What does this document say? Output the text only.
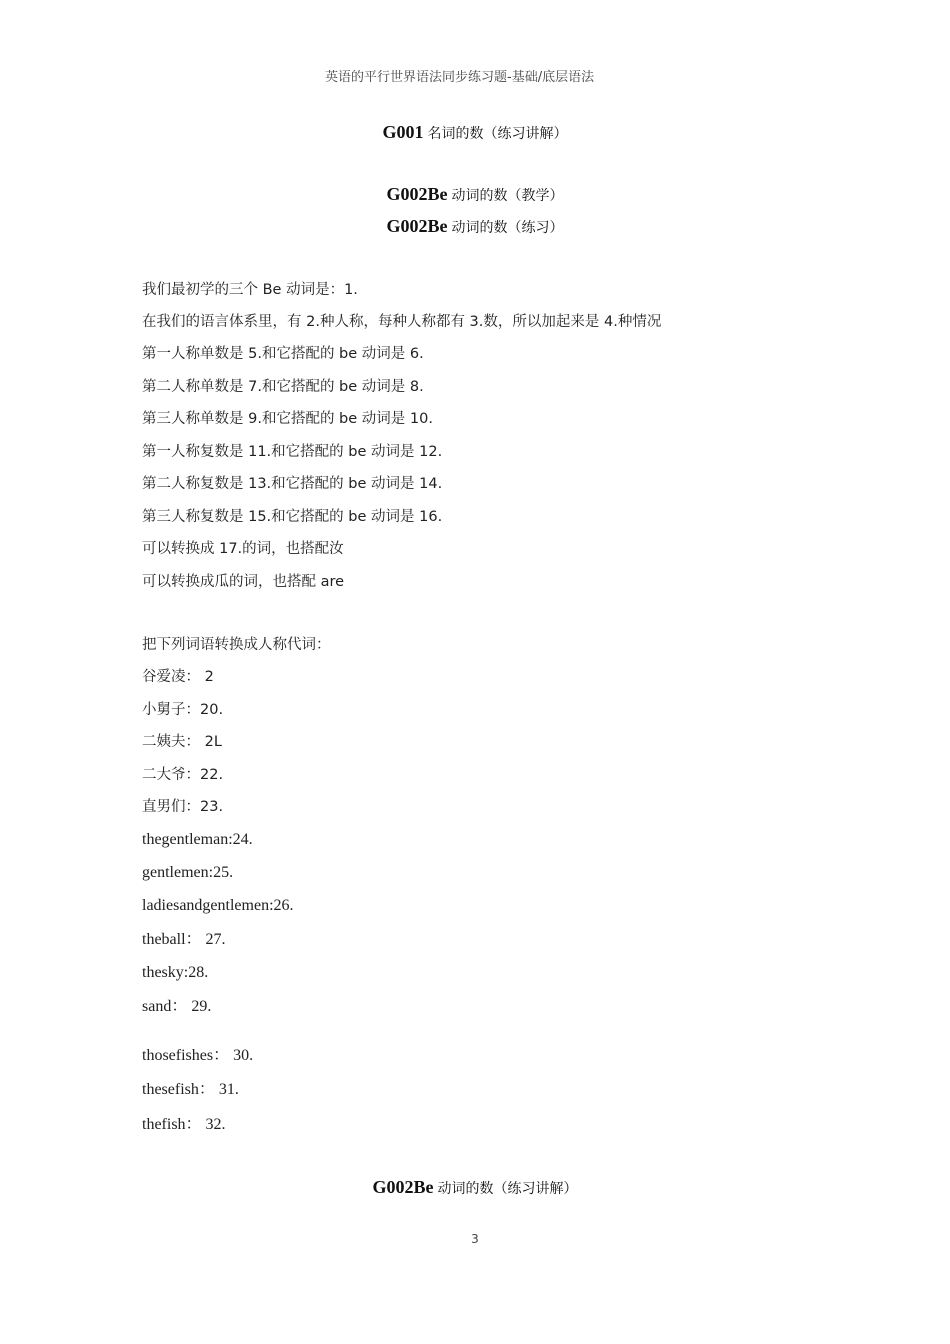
英语的平行世界语法同步练习题-基础/底层语法
G001 名词的数（练习讲解）
G002Be 动词的数（教学）
G002Be 动词的数（练习）
我们最初学的三个 Be 动词是：1.
在我们的语言体系里，有 2.种人称，每种人称都有 3.数，所以加起来是 4.种情况
第一人称单数是 5.和它搭配的 be 动词是 6.
第二人称单数是 7.和它搭配的 be 动词是 8.
第三人称单数是 9.和它搭配的 be 动词是 10.
第一人称复数是 11.和它搭配的 be 动词是 12.
第二人称复数是 13.和它搭配的 be 动词是 14.
第三人称复数是 15.和它搭配的 be 动词是 16.
可以转换成 17.的词，也搭配汝
可以转换成瓜的词，也搭配 are
把下列词语转换成人称代词：
谷爱凌： 2
小舅子：20.
二姨夫： 2L
二大爷：22.
直男们：23.
thegentleman:24.
gentlemen:25.
ladiesandgentlemen:26.
theball： 27.
thesky:28.
sand： 29.
thosefishes： 30.
thesefish： 31.
thefish： 32.
G002Be 动词的数（练习讲解）
3
